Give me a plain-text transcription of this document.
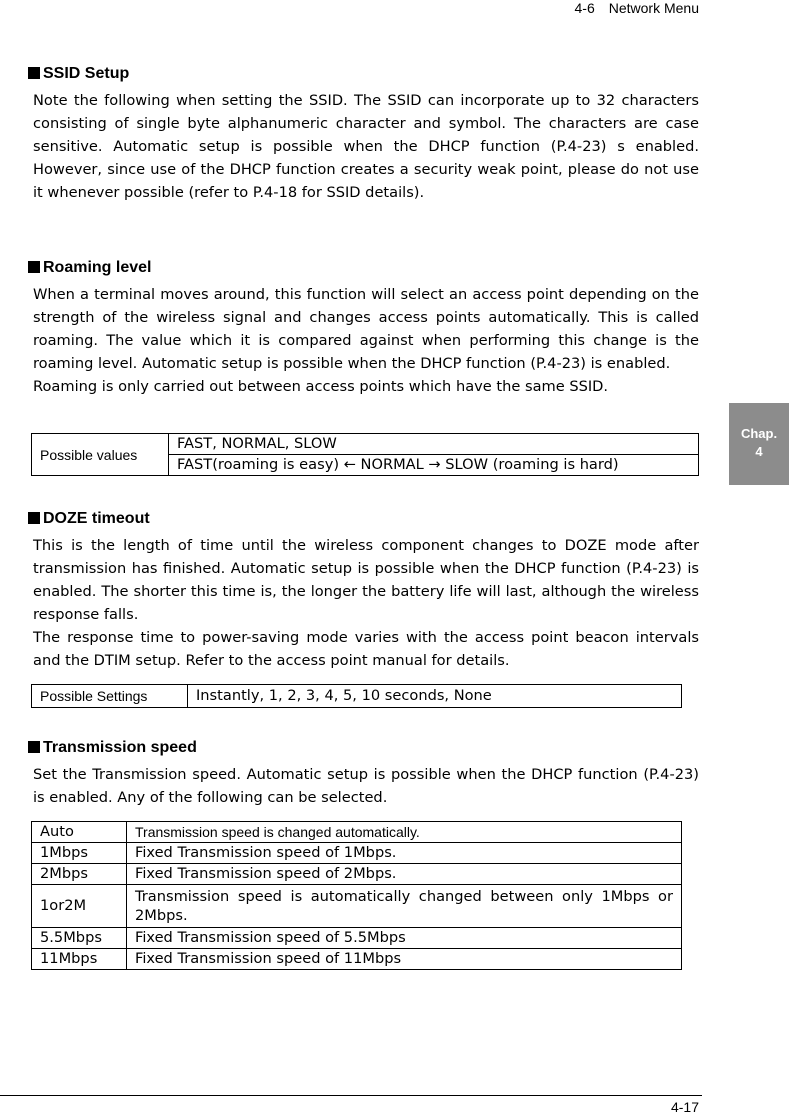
4-6 Network Menu
Chap.
4
SSID Setup

Note the following when setting the SSID. The SSID can incorporate up to 32 characters consisting of single byte alphanumeric character and symbol. The characters are case sensitive. Automatic setup is possible when the DHCP function (P.4-23) s enabled. However, since use of the DHCP function creates a security weak point, please do not use it whenever possible (refer to P.4-18 for SSID details).

Roaming level

When a terminal moves around, this function will select an access point depending on the strength of the wireless signal and changes access points automatically. This is called roaming. The value which it is compared against when performing this change is the roaming level. Automatic setup is possible when the DHCP function (P.4-23) is enabled.

Roaming is only carried out between access points which have the same SSID.

Possible values	FAST, NORMAL, SLOW
FAST(roaming is easy) ← NORMAL → SLOW (roaming is hard)
DOZE timeout

This is the length of time until the wireless component changes to DOZE mode after transmission has finished. Automatic setup is possible when the DHCP function (P.4-23) is enabled. The shorter this time is, the longer the battery life will last, although the wireless response falls.

The response time to power-saving mode varies with the access point beacon intervals and the DTIM setup. Refer to the access point manual for details.

Possible Settings	Instantly, 1, 2, 3, 4, 5, 10 seconds, None
Transmission speed

Set the Transmission speed. Automatic setup is possible when the DHCP function (P.4-23) is enabled. Any of the following can be selected.

Auto	Transmission speed is changed automatically.
1Mbps	Fixed Transmission speed of 1Mbps.
2Mbps	Fixed Transmission speed of 2Mbps.
1or2M	Transmission speed is automatically changed between only 1Mbps or 2Mbps.
5.5Mbps	Fixed Transmission speed of 5.5Mbps
11Mbps	Fixed Transmission speed of 11Mbps
4-17
